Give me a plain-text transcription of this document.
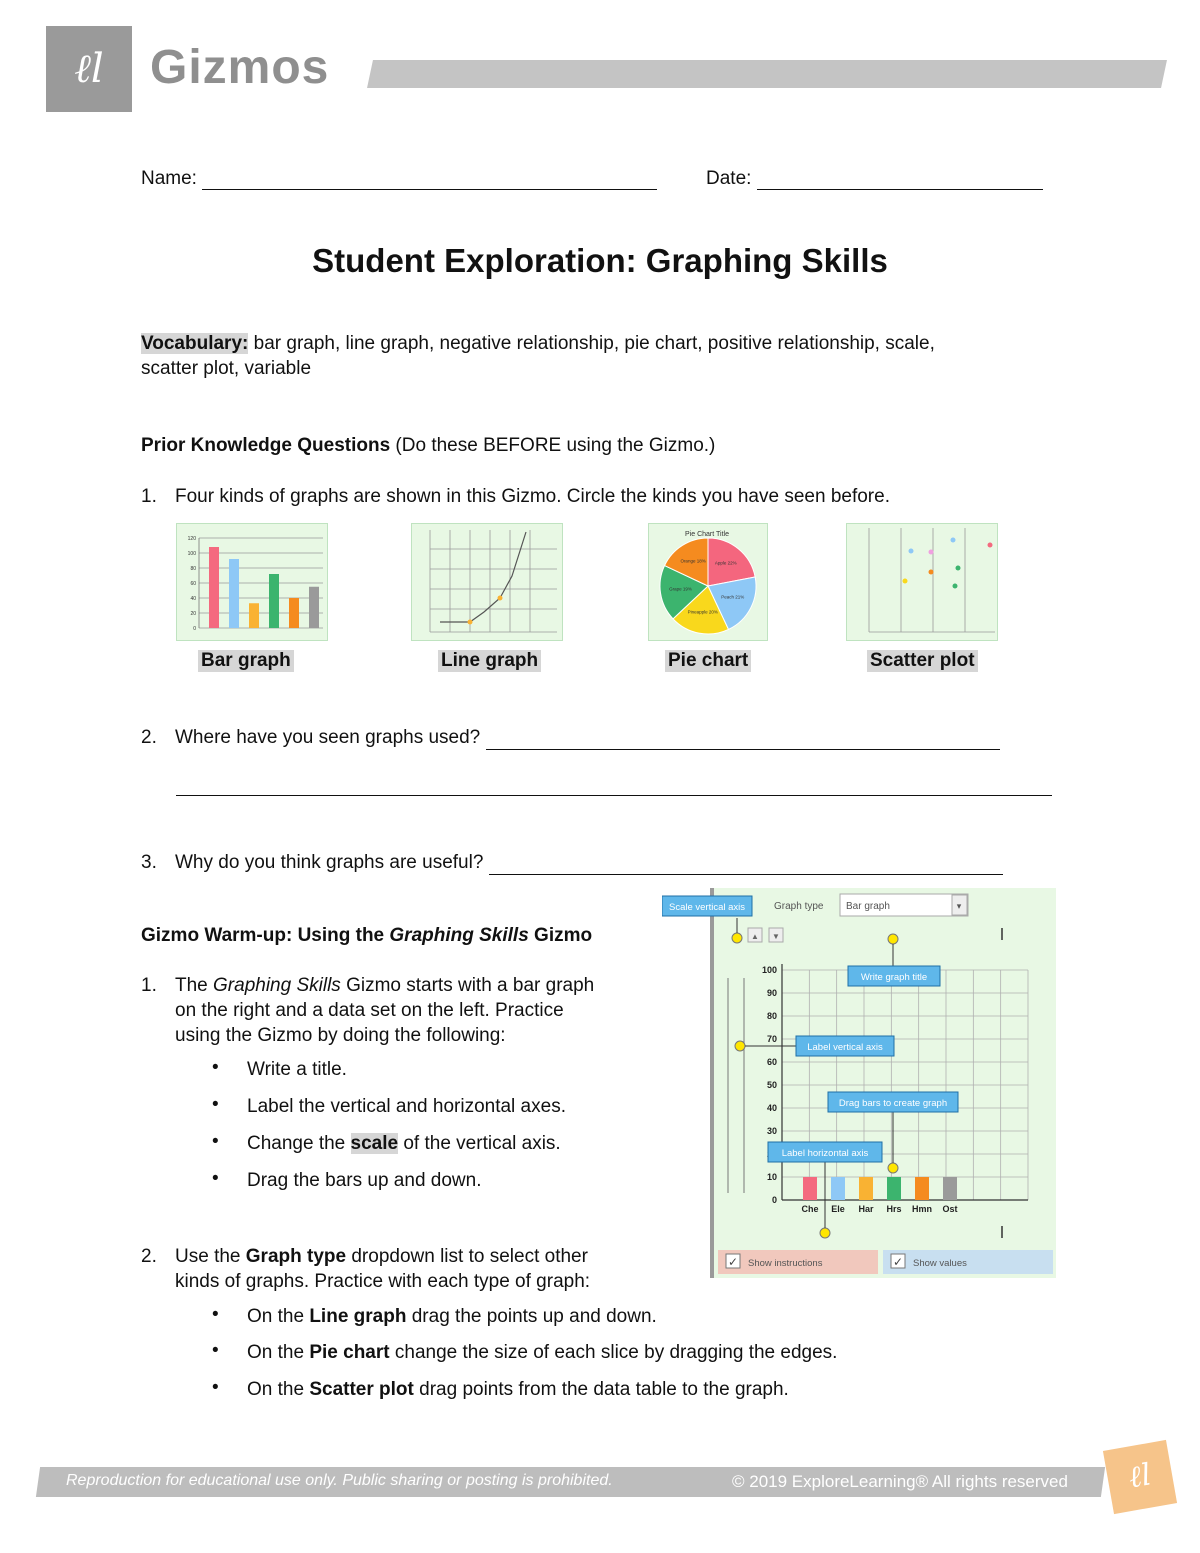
ℓl Gizmos
Name:	Date:
Student Exploration: Graphing Skills

Vocabulary: bar graph, line graph, negative relationship, pie chart, positive relationship, scale,

scatter plot, variable

Prior Knowledge Questions (Do these BEFORE using the Gizmo.)

1. Four kinds of graphs are shown in this Gizmo. Circle the kinds you have seen before.

0
20
40
60
80
100
120
Pie Chart Title
Apple 22%
Peach 21%
Pineapple 20%
Grape 19%
Orange 18%
Bar graph	Line graph	Pie chart	Scatter plot

2. Where have you seen graphs used?

3. Why do you think graphs are useful?

Gizmo Warm-up: Using the Graphing Skills Gizmo

1. The Graphing Skills Gizmo starts with a bar graph

on the right and a data set on the left. Practice

using the Gizmo by doing the following:

• Write a title.
• Label the vertical and horizontal axes.
• Change the scale of the vertical axis.
• Drag the bars up and down.

2. Use the Graph type dropdown list to select other

kinds of graphs. Practice with each type of graph:

• On the Line graph drag the points up and down.
• On the Pie chart change the size of each slice by dragging the edges.
• On the Scatter plot drag points from the data table to the graph.
Graph type Bar graph	▾
▲ ▼
100
90
80
70
60
50
40
30
10
0
Che Ele Har Hrs Hmn Ost
Scale vertical axis
Write graph title
Label vertical axis
Drag bars to create graph
Label horizontal axis
✓ Show instructions	✓ Show values
Reproduction for educational use only. Public sharing or posting is prohibited.	© 2019 ExploreLearning® All rights reserved	ℓl
